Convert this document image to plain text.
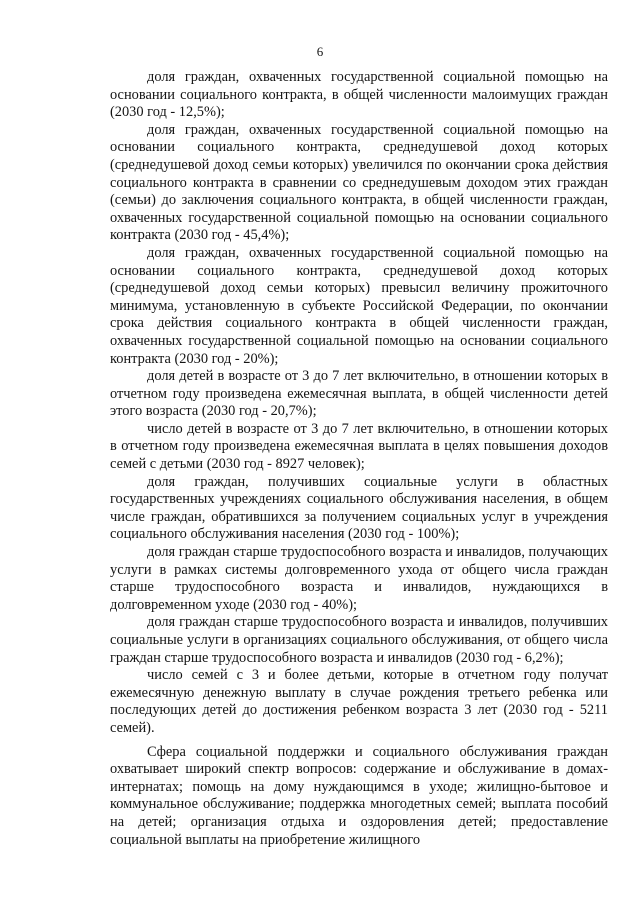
6

доля граждан, охваченных государственной социальной помощью на основании социального контракта, в общей численности малоимущих граждан (2030 год - 12,5%);

доля граждан, охваченных государственной социальной помощью на основании социального контракта, среднедушевой доход которых (среднедушевой доход семьи которых) увеличился по окончании срока действия социального контракта в сравнении со среднедушевым доходом этих граждан (семьи) до заключения социального контракта, в общей численности граждан, охваченных государственной социальной помощью на основании социального контракта (2030 год - 45,4%);

доля граждан, охваченных государственной социальной помощью на основании социального контракта, среднедушевой доход которых (среднедушевой доход семьи которых) превысил величину прожиточного минимума, установленную в субъекте Российской Федерации, по окончании срока действия социального контракта в общей численности граждан, охваченных государственной социальной помощью на основании социального контракта (2030 год - 20%);

доля детей в возрасте от 3 до 7 лет включительно, в отношении которых в отчетном году произведена ежемесячная выплата, в общей численности детей этого возраста (2030 год - 20,7%);

число детей в возрасте от 3 до 7 лет включительно, в отношении которых в отчетном году произведена ежемесячная выплата в целях повышения доходов семей с детьми (2030 год - 8927 человек);

доля граждан, получивших социальные услуги в областных государственных учреждениях социального обслуживания населения, в общем числе граждан, обратившихся за получением социальных услуг в учреждения социального обслуживания населения (2030 год - 100%);

доля граждан старше трудоспособного возраста и инвалидов, получающих услуги в рамках системы долговременного ухода от общего числа граждан старше трудоспособного возраста и инвалидов, нуждающихся в долговременном уходе (2030 год - 40%);

доля граждан старше трудоспособного возраста и инвалидов, получивших социальные услуги в организациях социального обслуживания, от общего числа граждан старше трудоспособного возраста и инвалидов (2030 год - 6,2%);

число семей с 3 и более детьми, которые в отчетном году получат ежемесячную денежную выплату в случае рождения третьего ребенка или последующих детей до достижения ребенком возраста 3 лет (2030 год - 5211 семей).

Сфера социальной поддержки и социального обслуживания граждан охватывает широкий спектр вопросов: содержание и обслуживание в домах-интернатах; помощь на дому нуждающимся в уходе; жилищно-бытовое и коммунальное обслуживание; поддержка многодетных семей; выплата пособий на детей; организация отдыха и оздоровления детей; предоставление социальной выплаты на приобретение жилищного
